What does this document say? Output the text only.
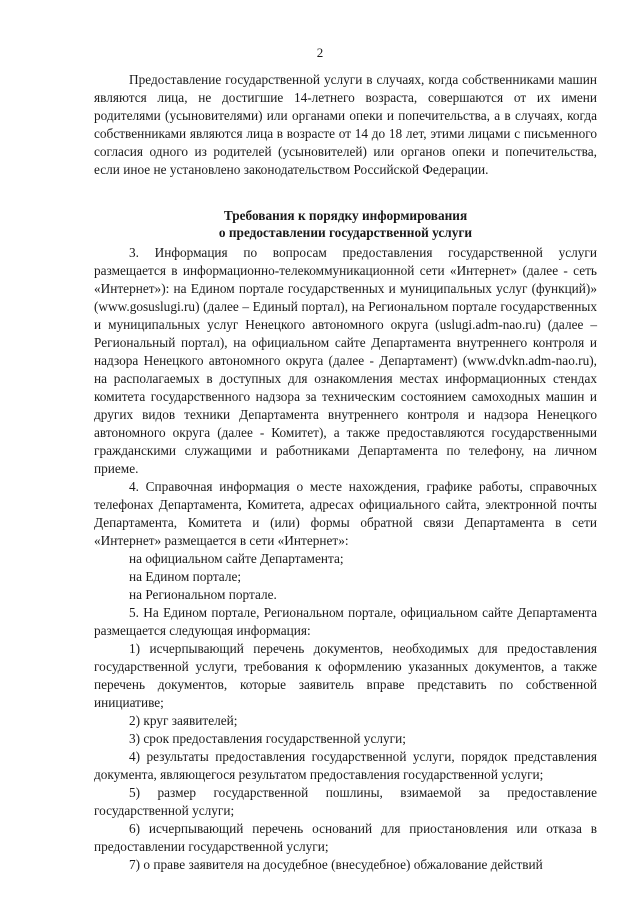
2

Предоставление государственной услуги в случаях, когда собственниками машин являются лица, не достигшие 14-летнего возраста, совершаются от их имени родителями (усыновителями) или органами опеки и попечительства, а в случаях, когда собственниками являются лица в возрасте от 14 до 18 лет, этими лицами с письменного согласия одного из родителей (усыновителей) или органов опеки и попечительства, если иное не установлено законодательством Российской Федерации.

Требования к порядку информирования
о предоставлении государственной услуги

3. Информация по вопросам предоставления государственной услуги размещается в информационно-телекоммуникационной сети «Интернет» (далее - сеть «Интернет»): на Едином портале государственных и муниципальных услуг (функций)» (www.gosuslugi.ru) (далее – Единый портал), на Региональном портале государственных и муниципальных услуг Ненецкого автономного округа (uslugi.adm-nao.ru) (далее – Региональный портал), на официальном сайте Департамента внутреннего контроля и надзора Ненецкого автономного округа (далее - Департамент) (www.dvkn.adm-nao.ru), на располагаемых в доступных для ознакомления местах информационных стендах комитета государственного надзора за техническим состоянием самоходных машин и других видов техники Департамента внутреннего контроля и надзора Ненецкого автономного округа (далее - Комитет), а также предоставляются государственными гражданскими служащими и работниками Департамента по телефону, на личном приеме.

4. Справочная информация о месте нахождения, графике работы, справочных телефонах Департамента, Комитета, адресах официального сайта, электронной почты Департамента, Комитета и (или) формы обратной связи Департамента в сети «Интернет» размещается в сети «Интернет»:

на официальном сайте Департамента;

на Едином портале;

на Региональном портале.

5. На Едином портале, Региональном портале, официальном сайте Департамента размещается следующая информация:

1) исчерпывающий перечень документов, необходимых для предоставления государственной услуги, требования к оформлению указанных документов, а также перечень документов, которые заявитель вправе представить по собственной инициативе;

2) круг заявителей;

3) срок предоставления государственной услуги;

4) результаты предоставления государственной услуги, порядок представления документа, являющегося результатом предоставления государственной услуги;

5) размер государственной пошлины, взимаемой за предоставление государственной услуги;

6) исчерпывающий перечень оснований для приостановления или отказа в предоставлении государственной услуги;

7) о праве заявителя на досудебное (внесудебное) обжалование действий
